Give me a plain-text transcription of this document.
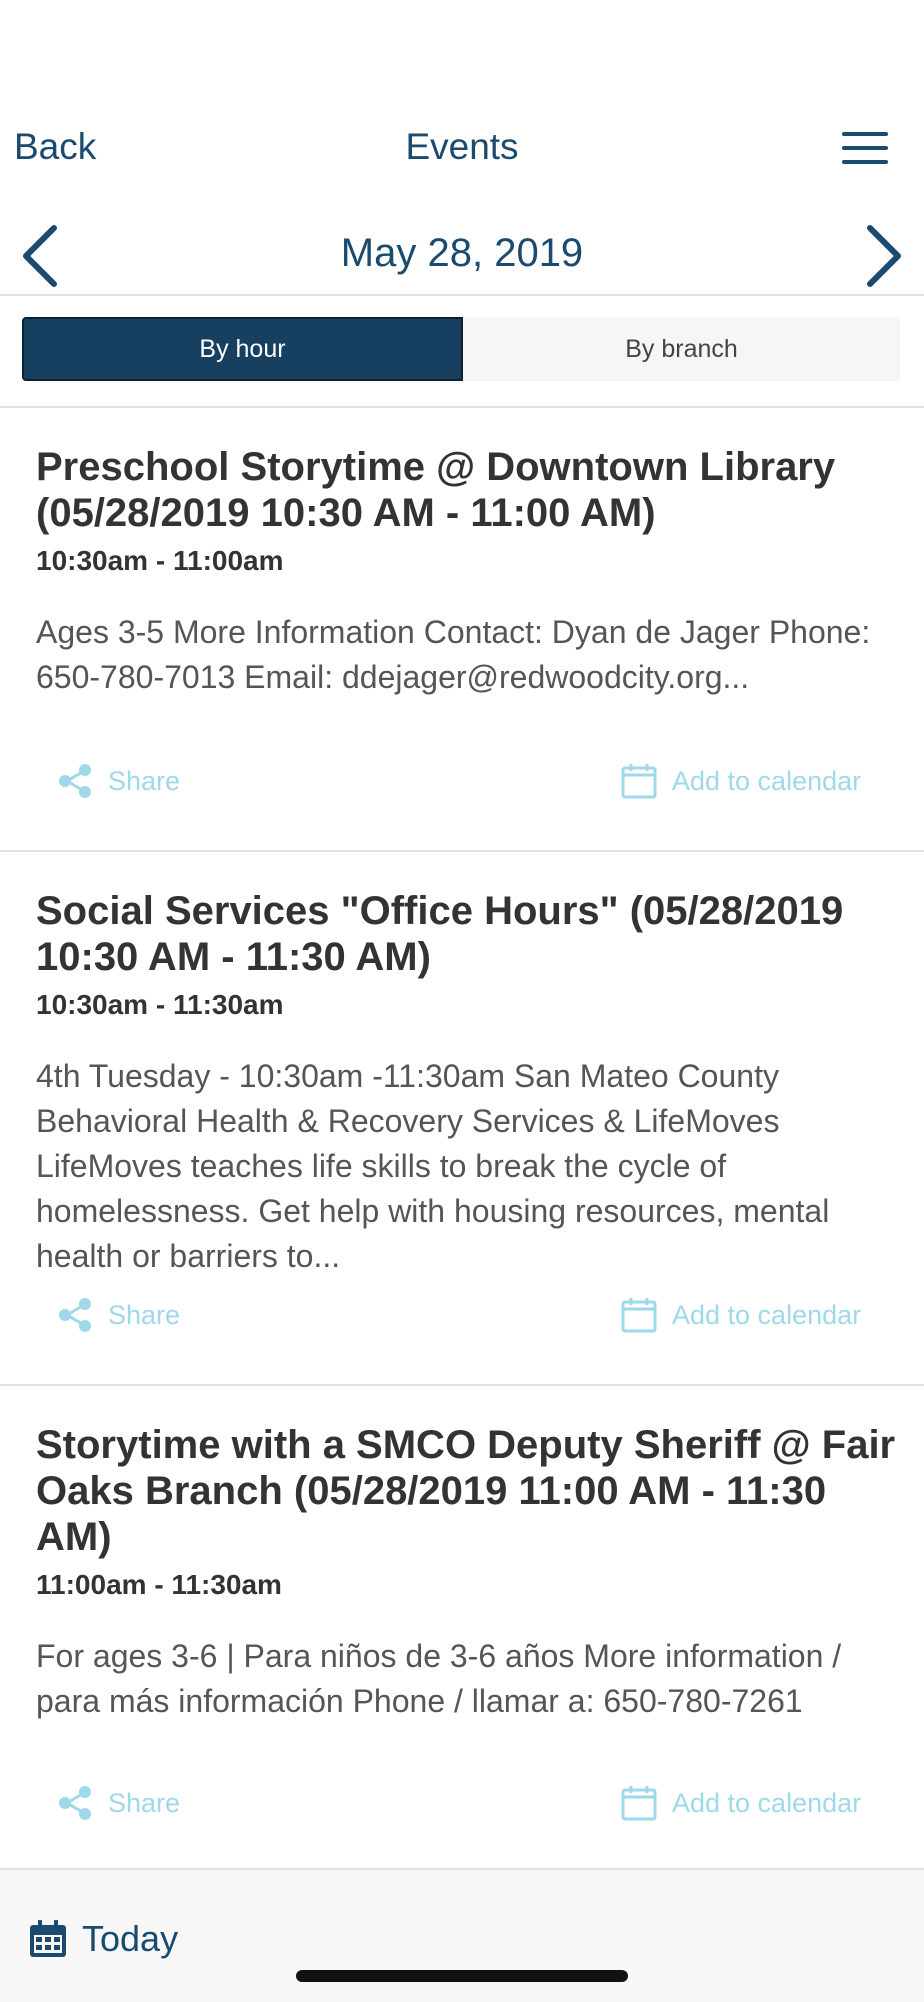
Back	Events
May 28, 2019
By hour	By branch
Preschool Storytime @ Downtown Library (05/28/2019 10:30 AM - 11:00 AM)
10:30am - 11:00am
Ages 3-5 More Information Contact: Dyan de Jager Phone: 650-780-7013 Email: ddejager@redwoodcity.org...
Share	Add to calendar
Social Services "Office Hours" (05/28/2019 10:30 AM - 11:30 AM)
10:30am - 11:30am
4th Tuesday - 10:30am -11:30am San Mateo County Behavioral Health & Recovery Services & LifeMoves LifeMoves teaches life skills to break the cycle of homelessness. Get help with housing resources, mental health or barriers to...
Share	Add to calendar
Storytime with a SMCO Deputy Sheriff @ Fair Oaks Branch (05/28/2019 11:00 AM - 11:30 AM)
11:00am - 11:30am
For ages 3-6 | Para niños de 3-6 años More information / para más información Phone / llamar a: 650-780-7261
Share	Add to calendar
Today
